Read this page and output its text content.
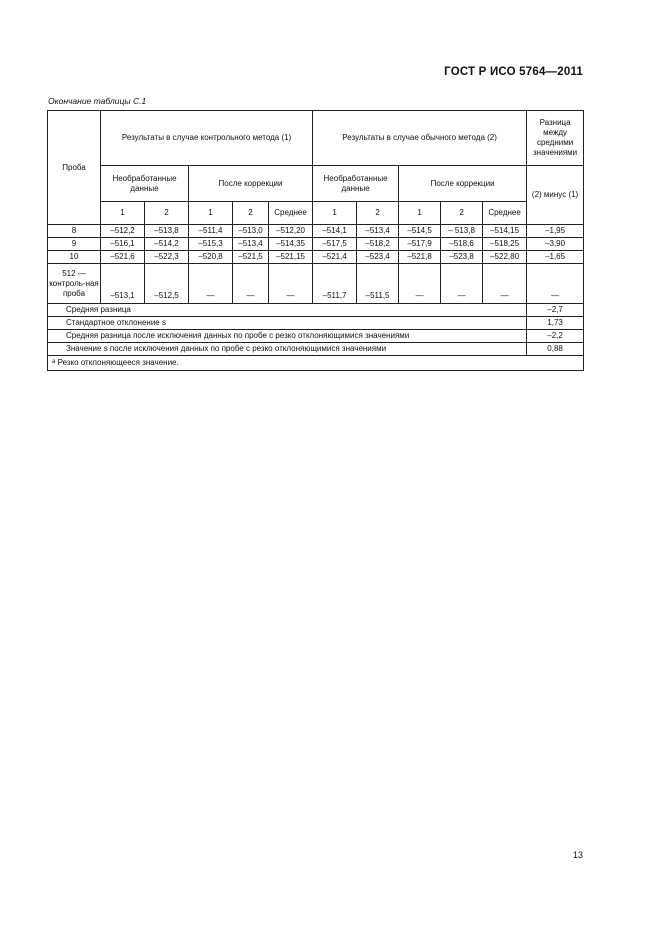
ГОСТ Р ИСО 5764—2011
Окончание таблицы С.1
Проба	Результаты в случае контрольного метода (1)					Результаты в случае обычного метода (2)					Разница между средними значениями
	Необработанные данные		После коррекции			Необработанные данные		После коррекции			(2) минус (1)
	1	2	1	2	Среднее	1	2	1	2	Среднее	
8	–512,2	–513,8	–511,4	–513,0	–512,20	–514,1	–513,4	–514,5	– 513,8	–514,15	–1,95
9	–516,1	–514,2	–515,3	–513,4	–514,35	–517,5	–518,2	–517,9	–518,6	–518,25	–3,90
10	–521,6	–522,3	–520,8	–521,5	–521,15	–521,4	–523,4	–521,8	–523,8	–522,80	–1,65
512 — контроль-ная проба	–513,1	–512,5	—	—	—	–511,7	–511,5	—	—	—	—
Средняя разница											–2,7
Стандартное отклонение s											1,73
Средняя разница после исключения данных по пробе с резко отклоняющимися значениями											–2,2
Значение s после исключения данных по пробе с резко отклоняющимися значениями											0,88
$^a$ Резко отклоняющееся значение.											
13
